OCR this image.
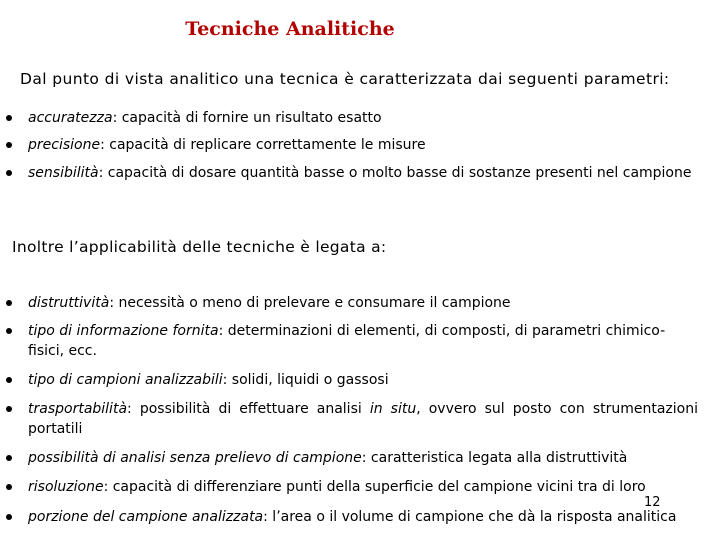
Tecniche Analitiche
Dal punto di vista analitico una tecnica è caratterizzata dai seguenti parametri:
accuratezza: capacità di fornire un risultato esatto
precisione: capacità di replicare correttamente le misure
sensibilità: capacità di dosare quantità basse o molto basse di sostanze presenti nel campione
Inoltre l’applicabilità delle tecniche è legata a:
distruttività: necessità o meno di prelevare e consumare il campione
tipo di informazione fornita: determinazioni di elementi, di composti, di parametri chimico-fisici, ecc.
tipo di campioni analizzabili: solidi, liquidi o gassosi
trasportabilità: possibilità di effettuare analisi in situ, ovvero sul posto con strumentazioni portatili
possibilità di analisi senza prelievo di campione: caratteristica legata alla distruttività
risoluzione: capacità di differenziare punti della superficie del campione vicini tra di loro
porzione del campione analizzata: l’area o il volume di campione che dà la risposta analitica
12
